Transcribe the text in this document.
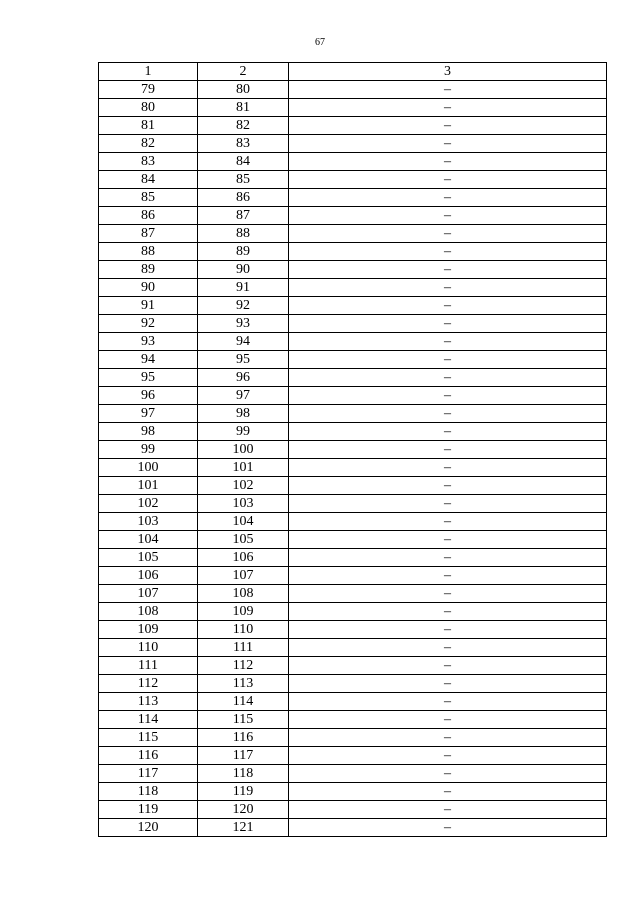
67
1	2	3
79	80	–
80	81	–
81	82	–
82	83	–
83	84	–
84	85	–
85	86	–
86	87	–
87	88	–
88	89	–
89	90	–
90	91	–
91	92	–
92	93	–
93	94	–
94	95	–
95	96	–
96	97	–
97	98	–
98	99	–
99	100	–
100	101	–
101	102	–
102	103	–
103	104	–
104	105	–
105	106	–
106	107	–
107	108	–
108	109	–
109	110	–
110	111	–
111	112	–
112	113	–
113	114	–
114	115	–
115	116	–
116	117	–
117	118	–
118	119	–
119	120	–
120	121	–
